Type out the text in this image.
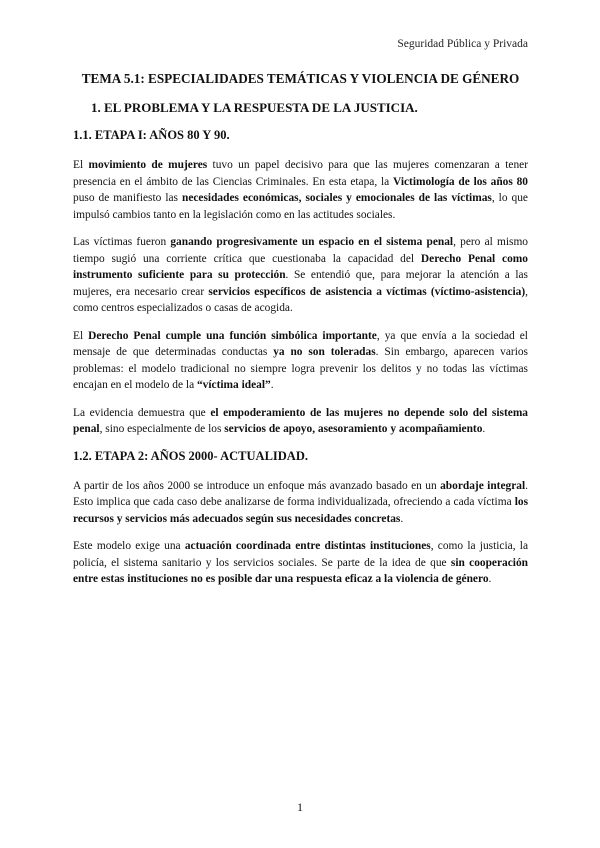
Seguridad Pública y Privada
TEMA 5.1: ESPECIALIDADES TEMÁTICAS Y VIOLENCIA DE GÉNERO
1. EL PROBLEMA Y LA RESPUESTA DE LA JUSTICIA.
1.1. ETAPA I: AÑOS 80 Y 90.

El movimiento de mujeres tuvo un papel decisivo para que las mujeres comenzaran a tener presencia en el ámbito de las Ciencias Criminales. En esta etapa, la Victimología de los años 80 puso de manifiesto las necesidades económicas, sociales y emocionales de las víctimas, lo que impulsó cambios tanto en la legislación como en las actitudes sociales.

Las víctimas fueron ganando progresivamente un espacio en el sistema penal, pero al mismo tiempo sugió una corriente crítica que cuestionaba la capacidad del Derecho Penal como instrumento suficiente para su protección. Se entendió que, para mejorar la atención a las mujeres, era necesario crear servicios específicos de asistencia a víctimas (víctimo-asistencia), como centros especializados o casas de acogida.

El Derecho Penal cumple una función simbólica importante, ya que envía a la sociedad el mensaje de que determinadas conductas ya no son toleradas. Sin embargo, aparecen varios problemas: el modelo tradicional no siempre logra prevenir los delitos y no todas las víctimas encajan en el modelo de la “víctima ideal”.

La evidencia demuestra que el empoderamiento de las mujeres no depende solo del sistema penal, sino especialmente de los servicios de apoyo, asesoramiento y acompañamiento.

1.2. ETAPA 2: AÑOS 2000- ACTUALIDAD.

A partir de los años 2000 se introduce un enfoque más avanzado basado en un abordaje integral. Esto implica que cada caso debe analizarse de forma individualizada, ofreciendo a cada víctima los recursos y servicios más adecuados según sus necesidades concretas.

Este modelo exige una actuación coordinada entre distintas instituciones, como la justicia, la policía, el sistema sanitario y los servicios sociales. Se parte de la idea de que sin cooperación entre estas instituciones no es posible dar una respuesta eficaz a la violencia de género.

1
